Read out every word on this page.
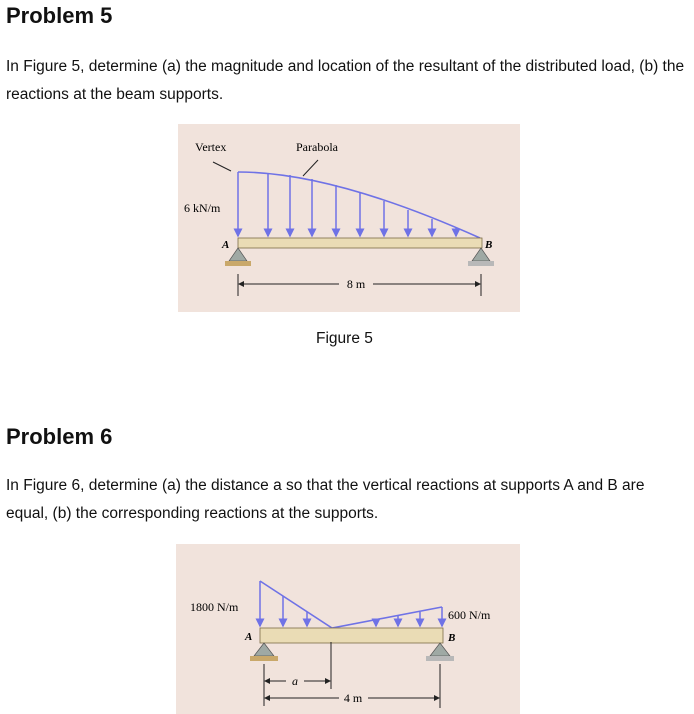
Problem 5

In Figure 5, determine (a) the magnitude and location of the resultant of the distributed load, (b) the reactions at the beam supports.

Vertex	Parabola
6 kN/m
A	B
8 m
Figure 5
Problem 6

In Figure 6, determine (a) the distance a so that the vertical reactions at supports A and B are equal, (b) the corresponding reactions at the supports.

1800 N/m
600 N/m
A	B
a
4 m
